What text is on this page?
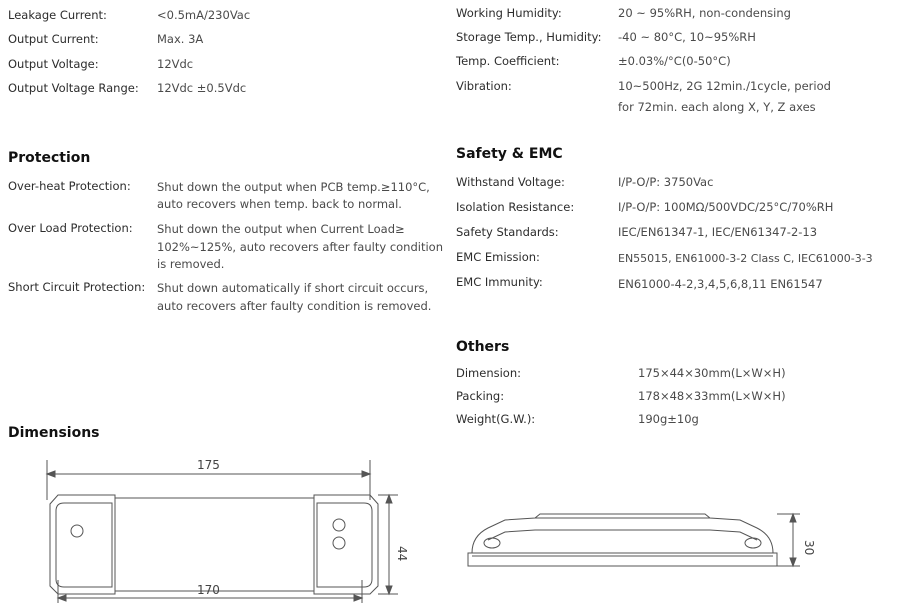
Leakage Current:	<0.5mA/230Vac
Output Current:	Max. 3A
Output Voltage:	12Vdc
Output Voltage Range: 12Vdc ±0.5Vdc
Working Humidity:	20 ~ 95%RH, non-condensing
Storage Temp., Humidity: -40 ~ 80°C, 10~95%RH
Temp. Coefficient:	±0.03%/°C(0-50°C)
Vibration:	10~500Hz, 2G 12min./1cycle, period
for 72min. each along X, Y, Z axes
Protection
Over-heat Protection: Shut down the output when PCB temp.≥110°C,
auto recovers when temp. back to normal.
Over Load Protection: Shut down the output when Current Load≥
102%~125%, auto recovers after faulty condition
is removed.
Short Circuit Protection: Shut down automatically if short circuit occurs,
auto recovers after faulty condition is removed.
Safety & EMC
Withstand Voltage:	I/P-O/P: 3750Vac
Isolation Resistance:	I/P-O/P: 100MΩ/500VDC/25°C/70%RH
Safety Standards:	IEC/EN61347-1, IEC/EN61347-2-13
EMC Emission:	EN55015, EN61000-3-2 Class C, IEC61000-3-3
EMC Immunity:	EN61000-4-2,3,4,5,6,8,11 EN61547
Others
Dimension:	175×44×30mm(L×W×H)
Packing:	178×48×33mm(L×W×H)
Weight(G.W.):	190g±10g
Dimensions
175
170
44	30
